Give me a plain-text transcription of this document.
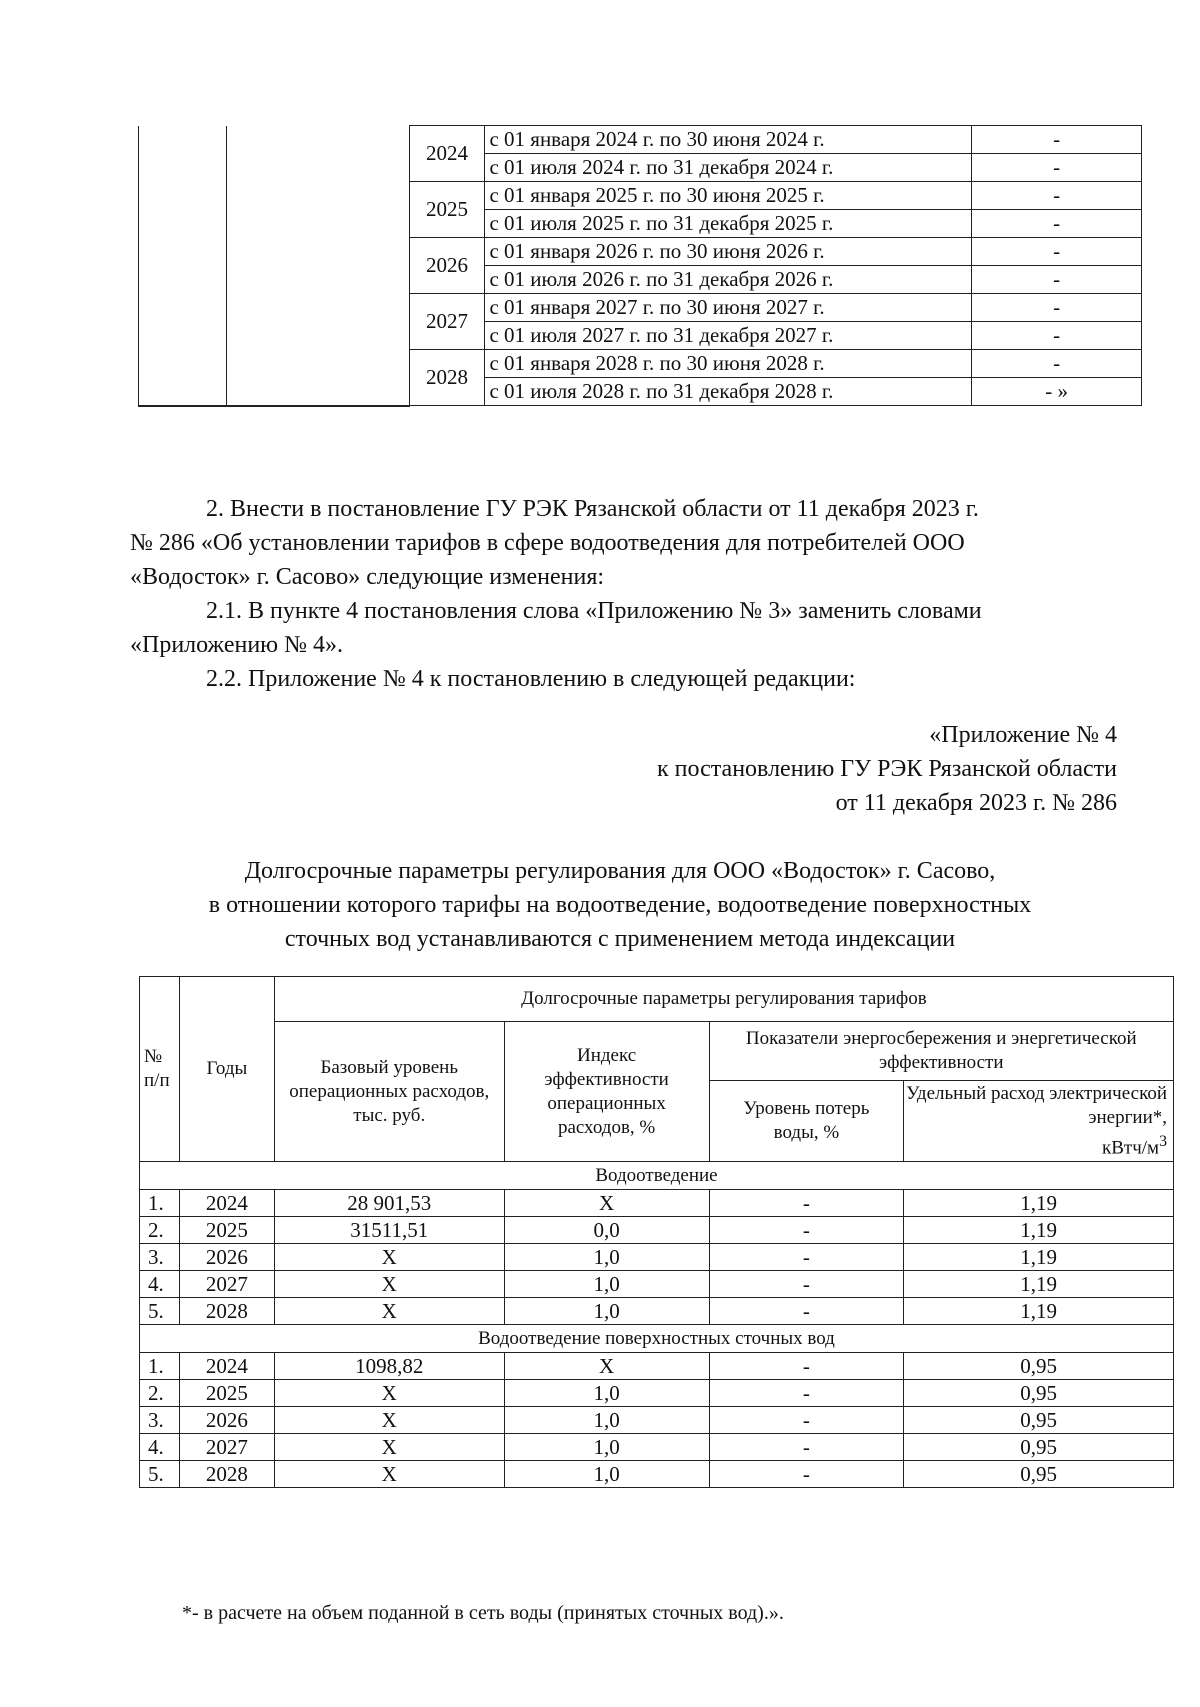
		2024	с 01 января 2024 г. по 30 июня 2024 г.	-
			с 01 июля 2024 г. по 31 декабря 2024 г.	-
		2025	с 01 января 2025 г. по 30 июня 2025 г.	-
			с 01 июля 2025 г. по 31 декабря 2025 г.	-
		2026	с 01 января 2026 г. по 30 июня 2026 г.	-
			с 01 июля 2026 г. по 31 декабря 2026 г.	-
		2027	с 01 января 2027 г. по 30 июня 2027 г.	-
			с 01 июля 2027 г. по 31 декабря 2027 г.	-
		2028	с 01 января 2028 г. по 30 июня 2028 г.	-
			с 01 июля 2028 г. по 31 декабря 2028 г.	- »
2. Внести в постановление ГУ РЭК Рязанской области от 11 декабря 2023 г.
№ 286 «Об установлении тарифов в сфере водоотведения для потребителей ООО
«Водосток» г. Сасово» следующие изменения:
2.1. В пункте 4 постановления слова «Приложению № 3» заменить словами
«Приложению № 4».
2.2. Приложение № 4 к постановлению в следующей редакции:
«Приложение № 4
к постановлению ГУ РЭК Рязанской области
от 11 декабря 2023 г. № 286
Долгосрочные параметры регулирования для ООО «Водосток» г. Сасово,
в отношении которого тарифы на водоотведение, водоотведение поверхностных
сточных вод устанавливаются с применением метода индексации
№ п/п	Годы	Долгосрочные параметры регулирования тарифов			
		Базовый уровень операционных расходов, тыс. руб.	Индекс эффективности операционных расходов, %	Показатели энергосбережения и энергетической эффективности	
				Уровень потерь воды, %	Удельный расход электрической энергии*,
кВтч/$м^3$

Водоотведение					
1.	2024	28 901,53	Х	-	1,19
2.	2025	31511,51	0,0	-	1,19
3.	2026	Х	1,0	-	1,19
4.	2027	Х	1,0	-	1,19
5.	2028	Х	1,0	-	1,19
Водоотведение поверхностных сточных вод					
1.	2024	1098,82	Х	-	0,95
2.	2025	Х	1,0	-	0,95
3.	2026	Х	1,0	-	0,95
4.	2027	Х	1,0	-	0,95
5.	2028	Х	1,0	-	0,95
*- в расчете на объем поданной в сеть воды (принятых сточных вод).».
